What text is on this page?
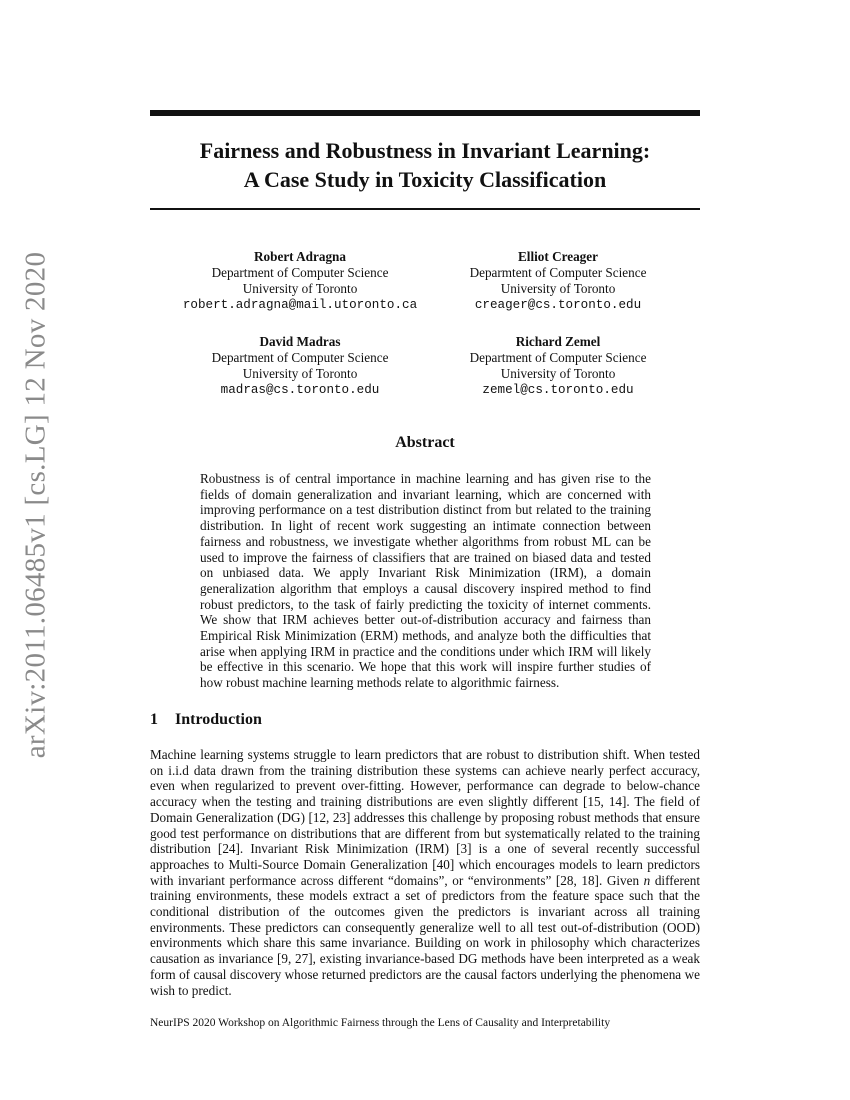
arXiv:2011.06485v1 [cs.LG] 12 Nov 2020
Fairness and Robustness in Invariant Learning:
A Case Study in Toxicity Classification
Robert Adragna
Department of Computer Science
University of Toronto
robert.adragna@mail.utoronto.ca
Elliot Creager
Deparmtent of Computer Science
University of Toronto
creager@cs.toronto.edu
David Madras
Department of Computer Science
University of Toronto
madras@cs.toronto.edu
Richard Zemel
Department of Computer Science
University of Toronto
zemel@cs.toronto.edu
Abstract
Robustness is of central importance in machine learning and has given rise to the fields of domain generalization and invariant learning, which are concerned with improving performance on a test distribution distinct from but related to the training distribution. In light of recent work suggesting an intimate connection between fairness and robustness, we investigate whether algorithms from robust ML can be used to improve the fairness of classifiers that are trained on biased data and tested on unbiased data. We apply Invariant Risk Minimization (IRM), a domain generalization algorithm that employs a causal discovery inspired method to find robust predictors, to the task of fairly predicting the toxicity of internet comments. We show that IRM achieves better out-of-distribution accuracy and fairness than Empirical Risk Minimization (ERM) methods, and analyze both the difficulties that arise when applying IRM in practice and the conditions under which IRM will likely be effective in this scenario. We hope that this work will inspire further studies of how robust machine learning methods relate to algorithmic fairness.
1 Introduction
Machine learning systems struggle to learn predictors that are robust to distribution shift. When tested on i.i.d data drawn from the training distribution these systems can achieve nearly perfect accuracy, even when regularized to prevent over-fitting. However, performance can degrade to below-chance accuracy when the testing and training distributions are even slightly different [15, 14]. The field of Domain Generalization (DG) [12, 23] addresses this challenge by proposing robust methods that ensure good test performance on distributions that are different from but systematically related to the training distribution [24]. Invariant Risk Minimization (IRM) [3] is a one of several recently successful approaches to Multi-Source Domain Generalization [40] which encourages models to learn predictors with invariant performance across different “domains”, or “environments” [28, 18]. Given n different training environments, these models extract a set of predictors from the feature space such that the conditional distribution of the outcomes given the predictors is invariant across all training environments. These predictors can consequently generalize well to all test out-of-distribution (OOD) environments which share this same invariance. Building on work in philosophy which characterizes causation as invariance [9, 27], existing invariance-based DG methods have been interpreted as a weak form of causal discovery whose returned predictors are the causal factors underlying the phenomena we wish to predict.
NeurIPS 2020 Workshop on Algorithmic Fairness through the Lens of Causality and Interpretability
